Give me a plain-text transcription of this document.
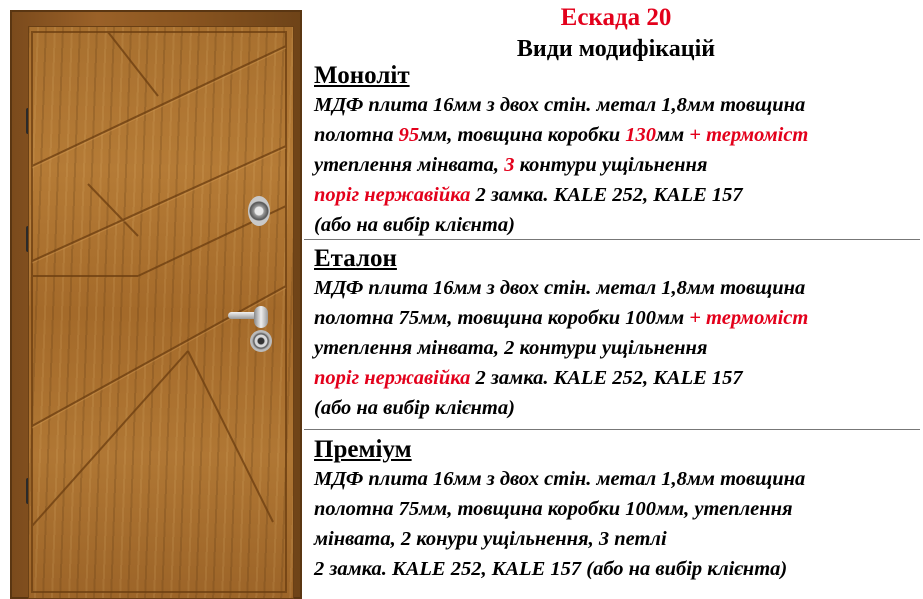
Ескада 20
Види модифікацій
Моноліт
МДФ плита 16мм з двох стін. метал 1,8мм товщина
полотна 95мм, товщина коробки 130мм + термоміст
утеплення мінвата, 3 контури ущільнення
поріг нержавійка 2 замка. KALE 252, KALE 157
(або на вибір клієнта)
Еталон
МДФ плита 16мм з двох стін. метал 1,8мм товщина
полотна 75мм, товщина коробки 100мм + термоміст
утеплення мінвата, 2 контури ущільнення
поріг нержавійка 2 замка. KALE 252, KALE 157
(або на вибір клієнта)
Преміум
МДФ плита 16мм з двох стін. метал 1,8мм товщина
полотна 75мм, товщина коробки 100мм, утеплення
мінвата, 2 конури ущільнення, 3 петлі
2 замка. KALE 252, KALE 157 (або на вибір клієнта)
